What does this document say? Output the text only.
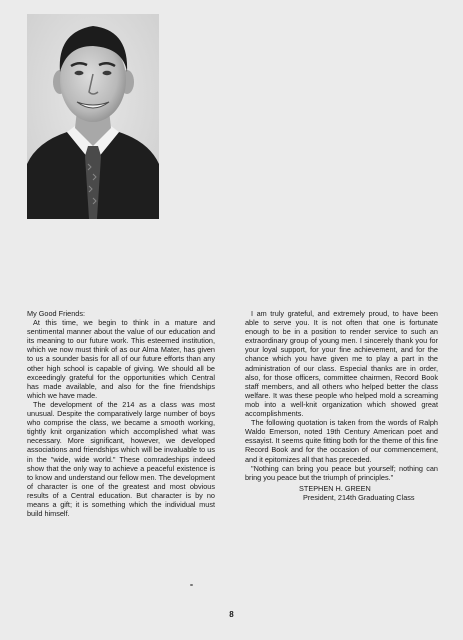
My Good Friends:

At this time, we begin to think in a mature and sentimental manner about the value of our education and its meaning to our future work. This esteemed institution, which we now must think of as our Alma Mater, has given to us a sounder basis for all of our future efforts than any other high school is capable of giving. We should all be exceedingly grateful for the opportunities which Central has made available, and also for the fine friendships which we have made.

The development of the 214 as a class was most unusual. Despite the comparatively large number of boys who comprise the class, we became a smooth working, tightly knit organization which accomplished what was necessary. More significant, however, we developed associations and friendships which will be invaluable to us in the "wide, wide world." These comradeships indeed show that the only way to achieve a peaceful existence is to know and understand our fellow men. The development of character is one of the greatest and most obvious results of a Central education. But character is by no means a gift; it is something which the individual must build himself.

I am truly grateful, and extremely proud, to have been able to serve you. It is not often that one is fortunate enough to be in a position to render service to such an extraordinary group of young men. I sincerely thank you for your loyal support, for your fine achievement, and for the chance which you have given me to play a part in the administration of our class. Especial thanks are in order, also, for those officers, committee chairmen, Record Book staff members, and all others who helped better the class welfare. It was these people who helped mold a screaming mob into a well-knit organization which showed great accomplishments.

The following quotation is taken from the words of Ralph Waldo Emerson, noted 19th Century American poet and essayist. It seems quite fitting both for the theme of this fine Record Book and for the occasion of our commencement, and it epitomizes all that has preceded.

"Nothing can bring you peace but yourself; nothing can bring you peace but the triumph of principles."

STEPHEN H. GREEN
President, 214th Graduating Class
8
